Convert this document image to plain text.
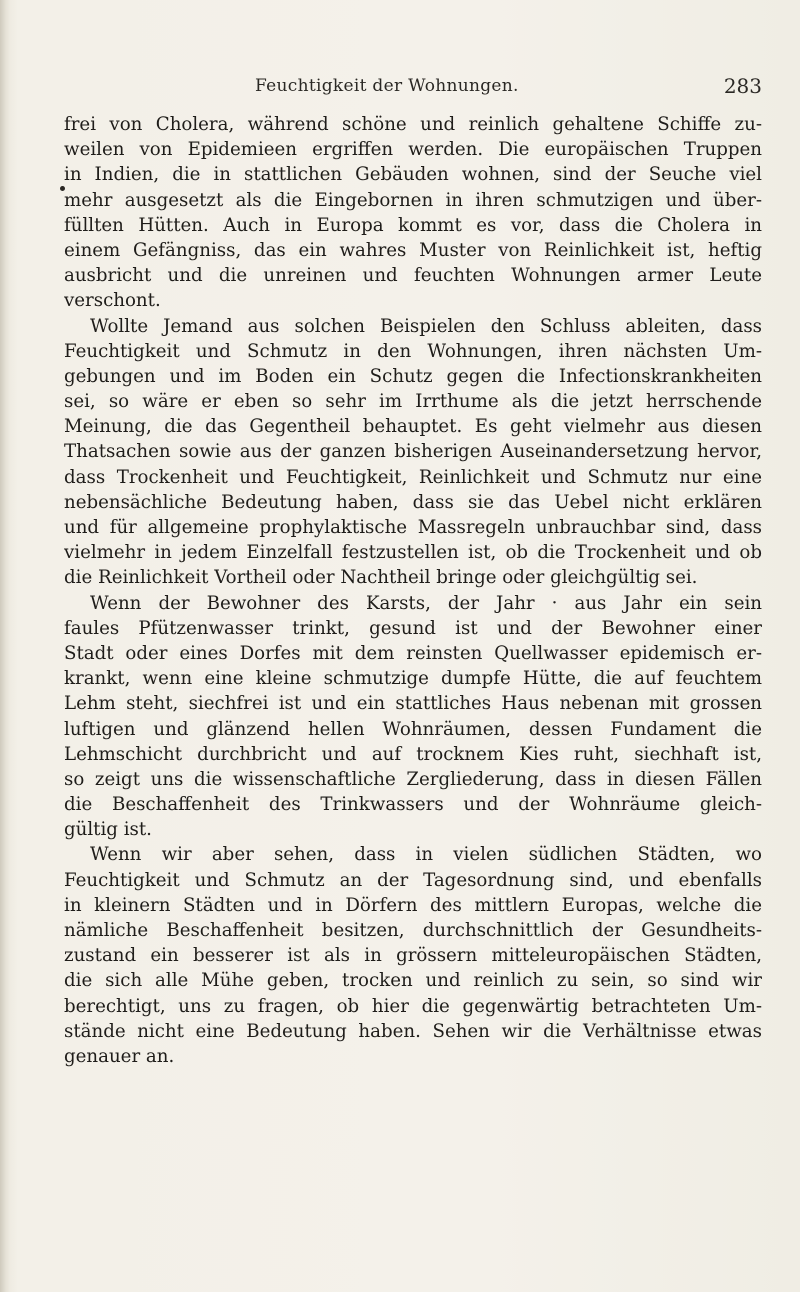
Feuchtigkeit der Wohnungen.	283
frei von Cholera, während schöne und reinlich gehaltene Schiffe zu-
weilen von Epidemieen ergriffen werden. Die europäischen Truppen
in Indien, die in stattlichen Gebäuden wohnen, sind der Seuche viel
mehr ausgesetzt als die Eingebornen in ihren schmutzigen und über-
füllten Hütten. Auch in Europa kommt es vor, dass die Cholera in
einem Gefängniss, das ein wahres Muster von Reinlichkeit ist, heftig
ausbricht und die unreinen und feuchten Wohnungen armer Leute
verschont.
Wollte Jemand aus solchen Beispielen den Schluss ableiten, dass
Feuchtigkeit und Schmutz in den Wohnungen, ihren nächsten Um-
gebungen und im Boden ein Schutz gegen die Infectionskrankheiten
sei, so wäre er eben so sehr im Irrthume als die jetzt herrschende
Meinung, die das Gegentheil behauptet. Es geht vielmehr aus diesen
Thatsachen sowie aus der ganzen bisherigen Auseinandersetzung hervor,
dass Trockenheit und Feuchtigkeit, Reinlichkeit und Schmutz nur eine
nebensächliche Bedeutung haben, dass sie das Uebel nicht erklären
und für allgemeine prophylaktische Massregeln unbrauchbar sind, dass
vielmehr in jedem Einzelfall festzustellen ist, ob die Trockenheit und ob
die Reinlichkeit Vortheil oder Nachtheil bringe oder gleichgültig sei.
Wenn der Bewohner des Karsts, der Jahr · aus Jahr ein sein
faules Pfützenwasser trinkt, gesund ist und der Bewohner einer
Stadt oder eines Dorfes mit dem reinsten Quellwasser epidemisch er-
krankt, wenn eine kleine schmutzige dumpfe Hütte, die auf feuchtem
Lehm steht, siechfrei ist und ein stattliches Haus nebenan mit grossen
luftigen und glänzend hellen Wohnräumen, dessen Fundament die
Lehmschicht durchbricht und auf trocknem Kies ruht, siechhaft ist,
so zeigt uns die wissenschaftliche Zergliederung, dass in diesen Fällen
die Beschaffenheit des Trinkwassers und der Wohnräume gleich-
gültig ist.
Wenn wir aber sehen, dass in vielen südlichen Städten, wo
Feuchtigkeit und Schmutz an der Tagesordnung sind, und ebenfalls
in kleinern Städten und in Dörfern des mittlern Europas, welche die
nämliche Beschaffenheit besitzen, durchschnittlich der Gesundheits-
zustand ein besserer ist als in grössern mitteleuropäischen Städten,
die sich alle Mühe geben, trocken und reinlich zu sein, so sind wir
berechtigt, uns zu fragen, ob hier die gegenwärtig betrachteten Um-
stände nicht eine Bedeutung haben. Sehen wir die Verhältnisse etwas
genauer an.
